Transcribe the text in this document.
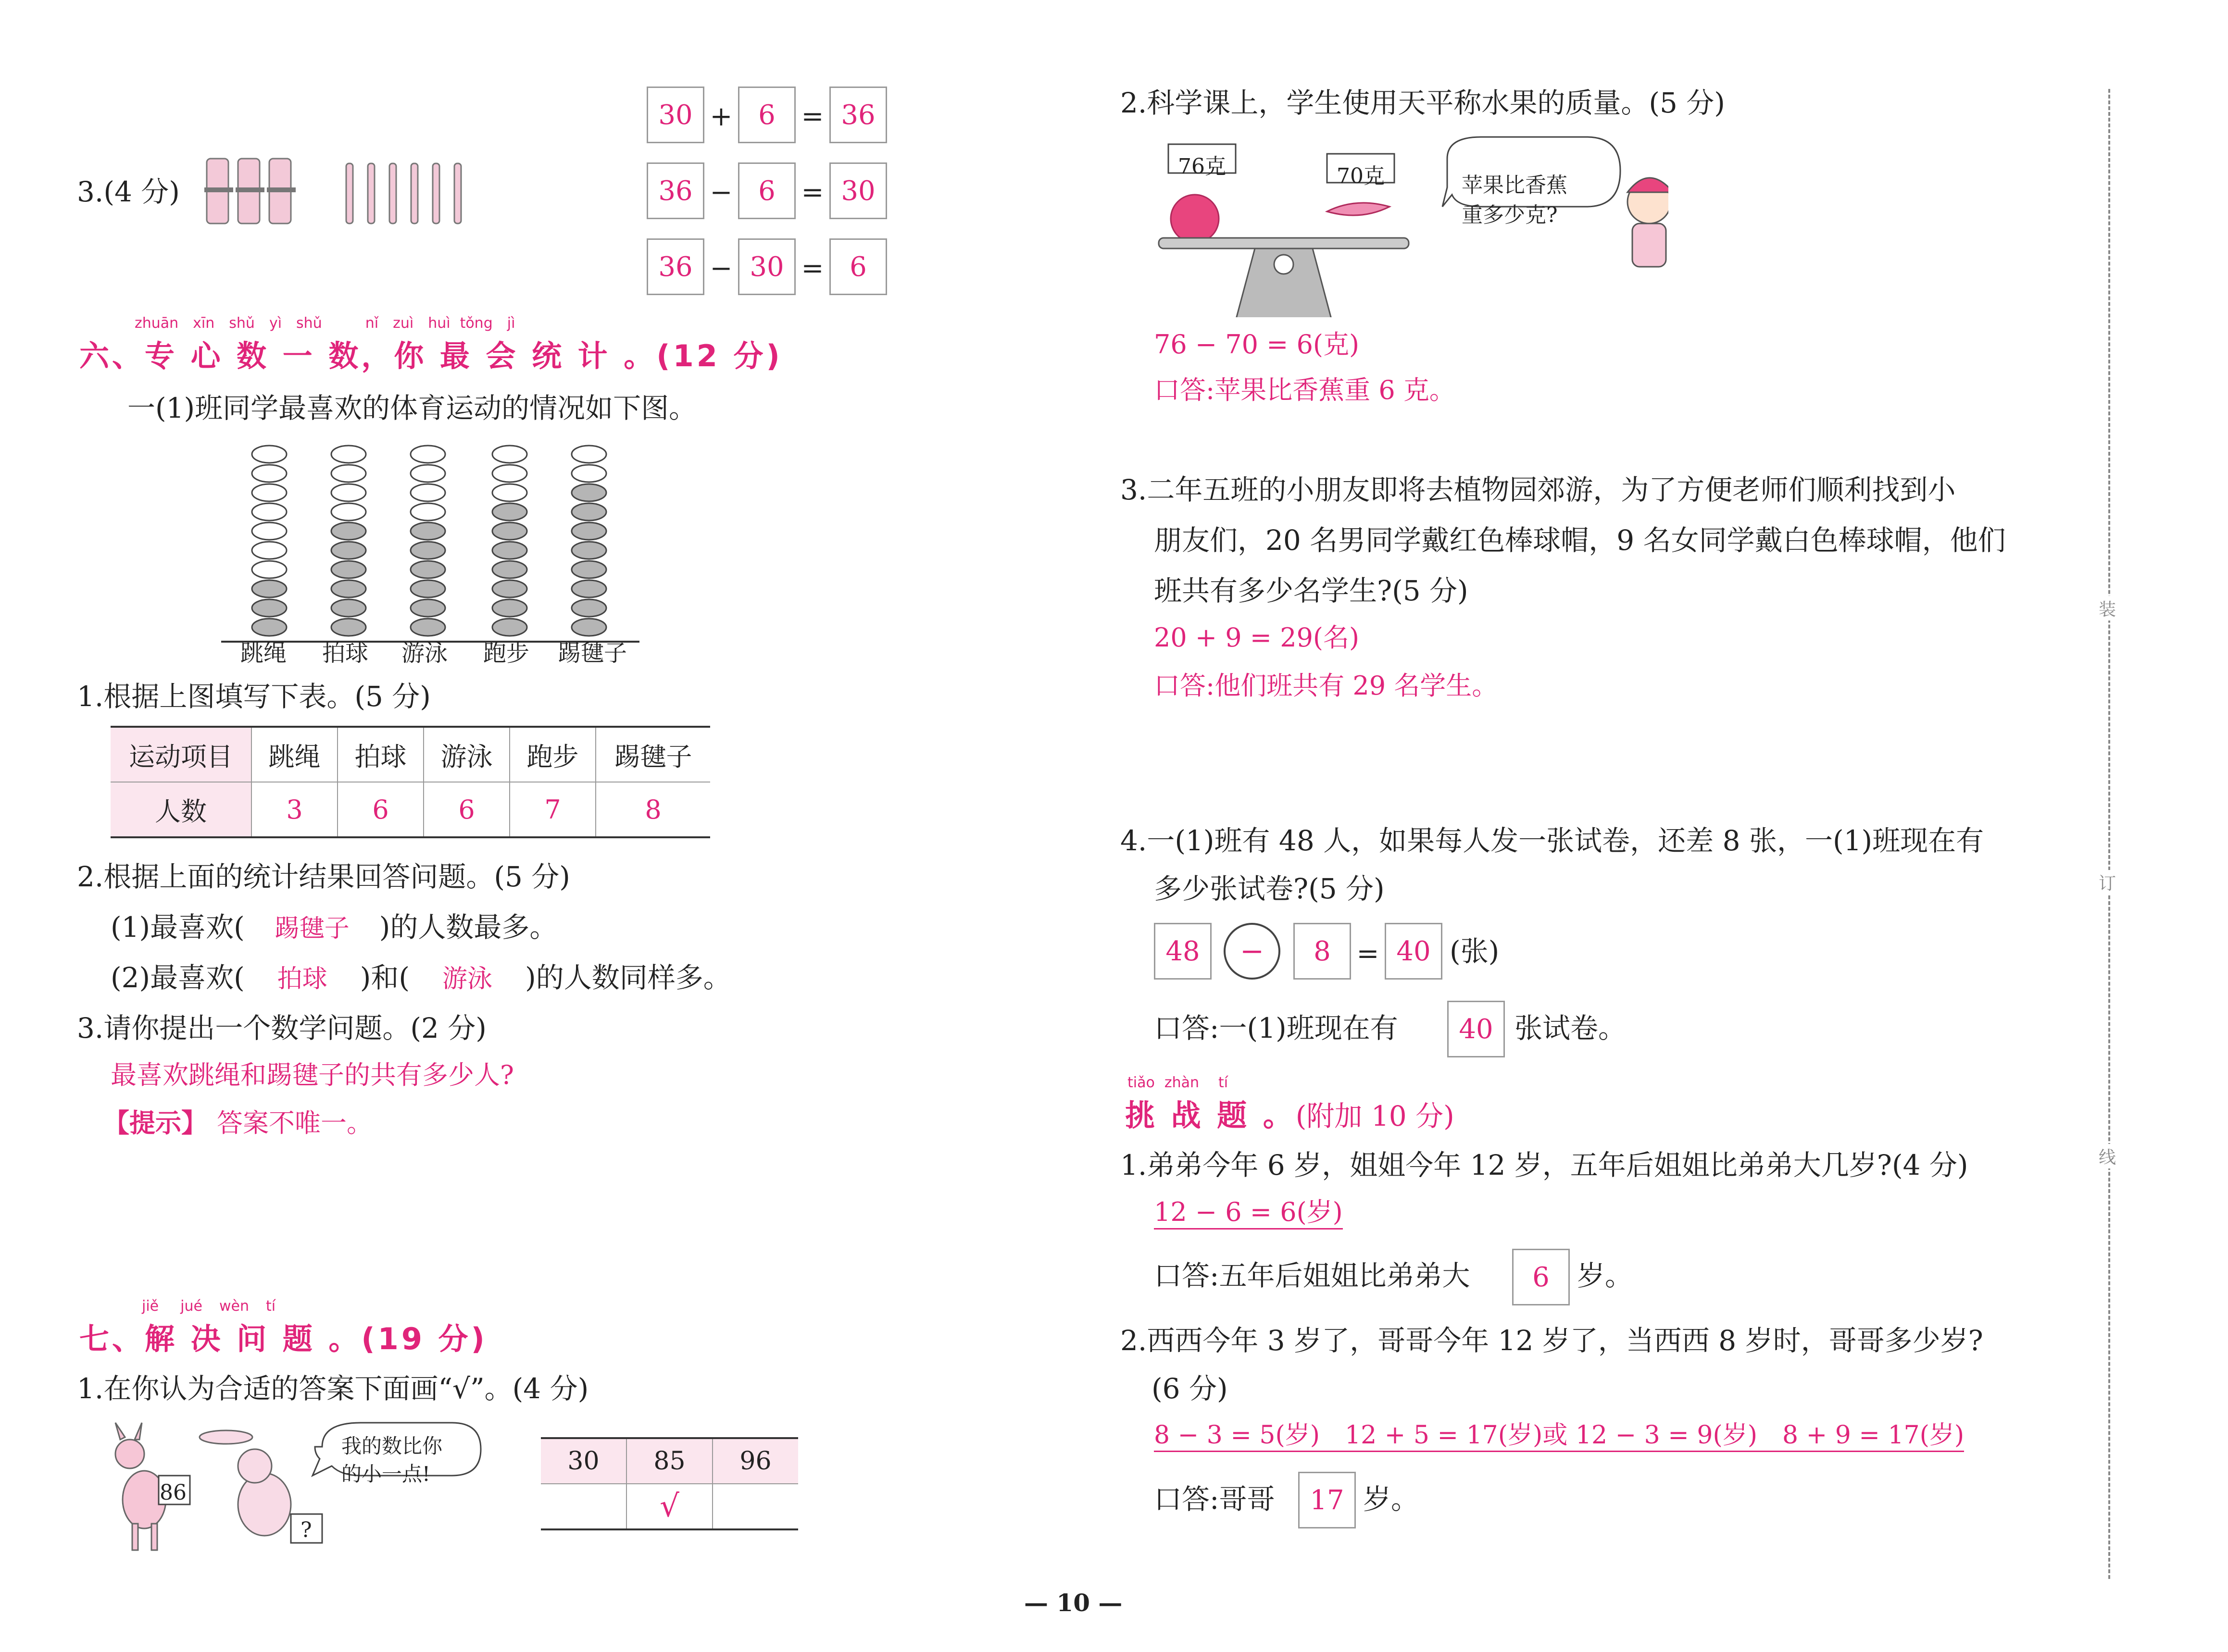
3.(4 分)
30 + 6 = 36
36 − 6 = 30
36 − 30 = 6
zhuān xīn shǔ yì shǔ	nǐ zuì huì tǒng jì
六、专 心 数 一 数，你 最 会 统 计 。(12 分)
一(1)班同学最喜欢的体育运动的情况如下图。
跳绳 拍球 游泳 跑步 踢毽子
1.根据上图填写下表。(5 分)
运动项目	跳绳	拍球	游泳	跑步	踢毽子
人数	3	6	6	7	8
2.根据上面的统计结果回答问题。(5 分)
(1)最喜欢( 踢毽子 )的人数最多。
(2)最喜欢( 拍球 )和( 游泳 )的人数同样多。
3.请你提出一个数学问题。(2 分)
最喜欢跳绳和踢毽子的共有多少人?
【提示】 答案不唯一。
jiě jué wèn tí
七、解 决 问 题 。(19 分)
1.在你认为合适的答案下面画“√”。(4 分)
86
?
我的数比你
的小一点!	30	85	96
	√	
2.科学课上，学生使用天平称水果的质量。(5 分)
76克	70克	苹果比香蕉
重多少克?
76 − 70 = 6(克)
口答:苹果比香蕉重 6 克。
3.二年五班的小朋友即将去植物园郊游，为了方便老师们顺利找到小
朋友们，20 名男同学戴红色棒球帽，9 名女同学戴白色棒球帽，他们
班共有多少名学生?(5 分)
20 + 9 = 29(名)
口答:他们班共有 29 名学生。
4.一(1)班有 48 人，如果每人发一张试卷，还差 8 张，一(1)班现在有
多少张试卷?(5 分)
48	−	8 = 40 (张)
口答:一(1)班现在有	40 张试卷。
tiǎo zhàn tí
挑 战 题 。(附加 10 分)
1.弟弟今年 6 岁，姐姐今年 12 岁，五年后姐姐比弟弟大几岁?(4 分)
12 − 6 = 6(岁)
口答:五年后姐姐比弟弟大	6 岁。
2.西西今年 3 岁了，哥哥今年 12 岁了，当西西 8 岁时，哥哥多少岁?
(6 分)
8 − 3 = 5(岁)　12 + 5 = 17(岁)或 12 − 3 = 9(岁)　8 + 9 = 17(岁)
口答:哥哥	17 岁。
装
订
线
— 10 —
